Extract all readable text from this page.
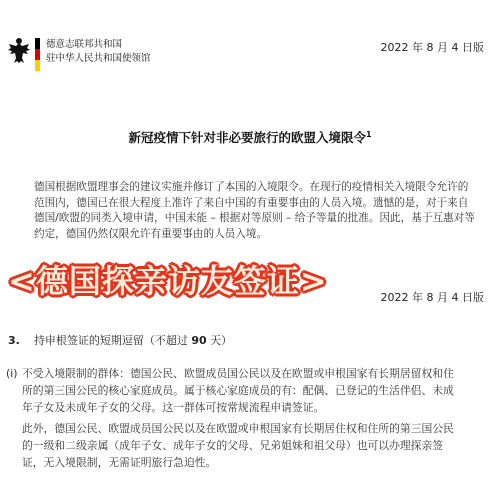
德意志联邦共和国
驻中华人民共和国使领馆
2022 年 8 月 4 日版
新冠疫情下针对非必要旅行的欧盟入境限令$^1$
德国根据欧盟理事会的建议实施并修订了本国的入境限令。在现行的疫情相关入境限令允许的
范围内，德国已在很大程度上准许了来自中国的有重要事由的人员入境。遗憾的是，对于来自
德国/欧盟的同类入境申请，中国未能 – 根据对等原则 – 给予等量的批准。因此，基于互惠对等
约定，德国仍然仅限允许有重要事由的人员入境。
<德国探亲访友签证>	2022 年 8 月 4 日版
3. 持申根签证的短期逗留（不超过 90 天）
(i) 不受入境限制的群体：德国公民、欧盟成员国公民以及在欧盟或申根国家有长期居留权和住
所的第三国公民的核心家庭成员。属于核心家庭成员的有：配偶、已登记的生活伴侣、未成
年子女及未成年子女的父母。这一群体可按常规流程申请签证。
此外，德国公民、欧盟成员国公民以及在欧盟或申根国家有长期居住权和住所的第三国公民
的一级和二级亲属（成年子女、成年子女的父母、兄弟姐妹和祖父母）也可以办理探亲签
证，无入境限制，无需证明旅行急迫性。
